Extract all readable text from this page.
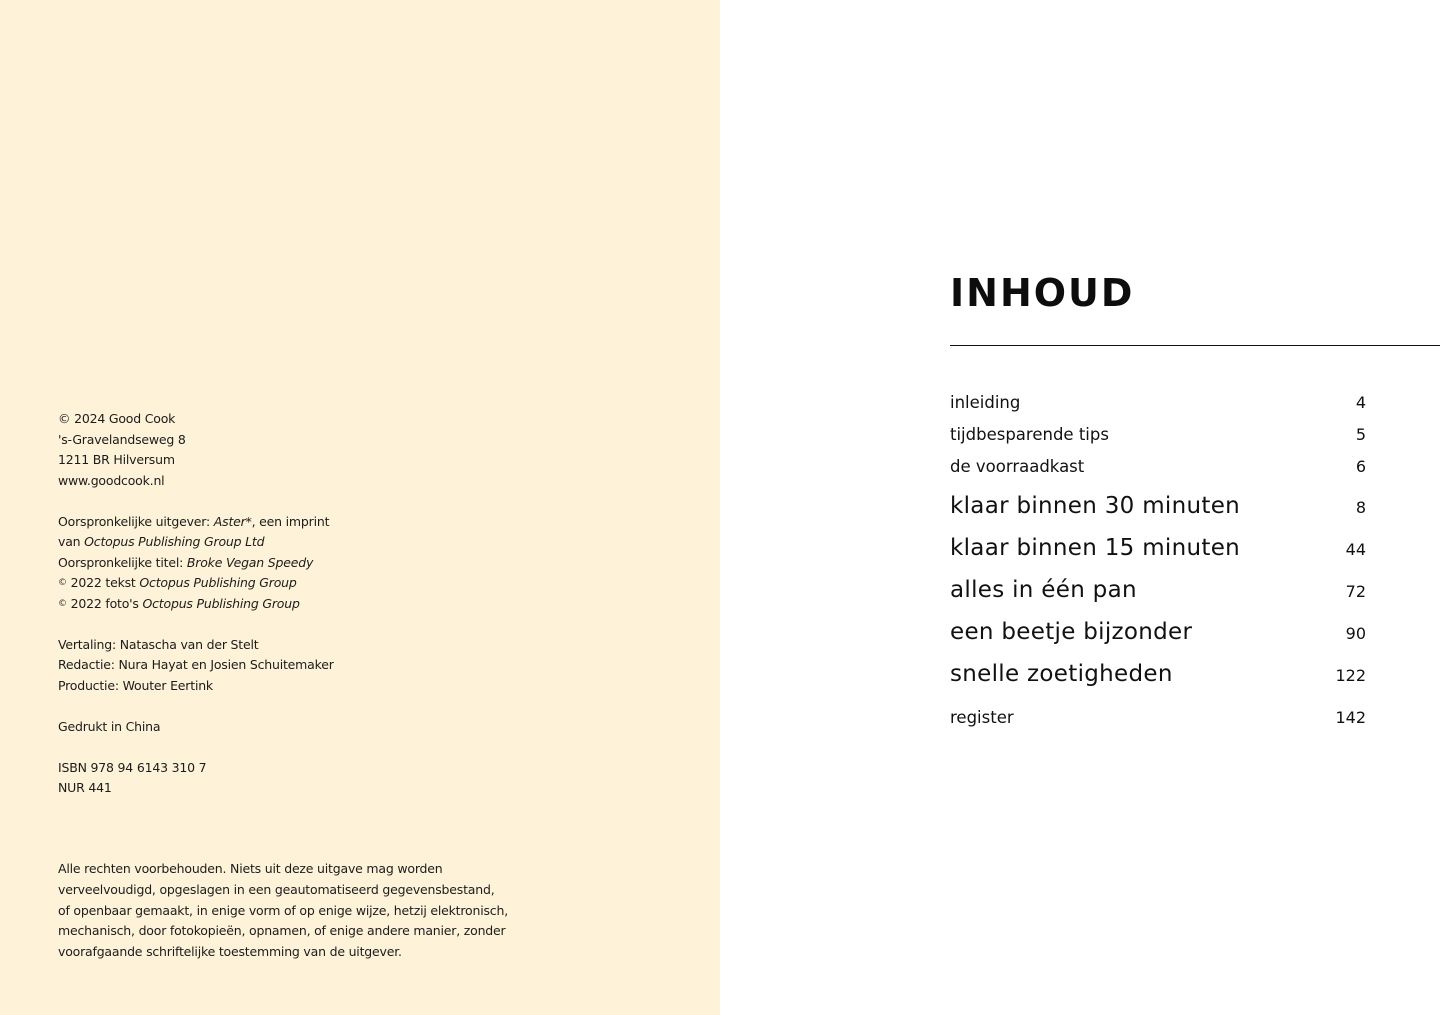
© 2024 Good Cook
's-Gravelandseweg 8
1211 BR Hilversum
www.goodcook.nl
Oorspronkelijke uitgever: Aster*, een imprint
van Octopus Publishing Group Ltd
Oorspronkelijke titel: Broke Vegan Speedy
© 2022 tekst Octopus Publishing Group
© 2022 foto's Octopus Publishing Group
Vertaling: Natascha van der Stelt
Redactie: Nura Hayat en Josien Schuitemaker
Productie: Wouter Eertink
Gedrukt in China
ISBN 978 94 6143 310 7
NUR 441
Alle rechten voorbehouden. Niets uit deze uitgave mag worden
verveelvoudigd, opgeslagen in een geautomatiseerd gegevensbestand,
of openbaar gemaakt, in enige vorm of op enige wijze, hetzij elektronisch,
mechanisch, door fotokopieën, opnamen, of enige andere manier, zonder
voorafgaande schriftelijke toestemming van de uitgever.
INHOUD
inleiding	4
tijdbesparende tips	5
de voorraadkast	6
klaar binnen 30 minuten	8
klaar binnen 15 minuten	44
alles in één pan	72
een beetje bijzonder	90
snelle zoetigheden	122
register	142
